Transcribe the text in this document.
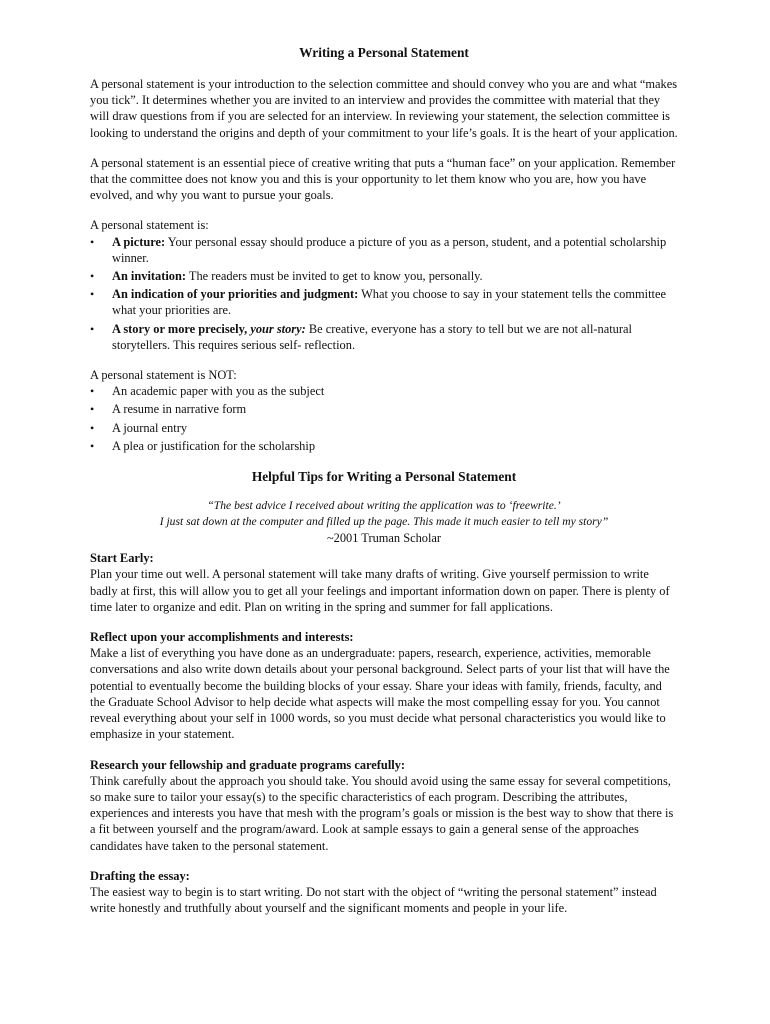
Writing a Personal Statement

A personal statement is your introduction to the selection committee and should convey who you are and what “makes you tick”. It determines whether you are invited to an interview and provides the committee with material that they will draw questions from if you are selected for an interview. In reviewing your statement, the selection committee is looking to understand the origins and depth of your commitment to your life’s goals. It is the heart of your application.

A personal statement is an essential piece of creative writing that puts a “human face” on your application. Remember that the committee does not know you and this is your opportunity to let them know who you are, how you have evolved, and why you want to pursue your goals.

A personal statement is:

•	A picture: Your personal essay should produce a picture of you as a person, student, and a potential scholarship winner.
•	An invitation: The readers must be invited to get to know you, personally.
•	An indication of your priorities and judgment: What you choose to say in your statement tells the committee what your priorities are.
•	A story or more precisely, your story: Be creative, everyone has a story to tell but we are not all-natural storytellers. This requires serious self- reflection.

A personal statement is NOT:

•	An academic paper with you as the subject
•	A resume in narrative form
•	A journal entry
•	A plea or justification for the scholarship
Helpful Tips for Writing a Personal Statement

“The best advice I received about writing the application was to ‘freewrite.’

I just sat down at the computer and filled up the page. This made it much easier to tell my story”

~2001 Truman Scholar

Start Early:

Plan your time out well. A personal statement will take many drafts of writing. Give yourself permission to write badly at first, this will allow you to get all your feelings and important information down on paper. There is plenty of time later to organize and edit. Plan on writing in the spring and summer for fall applications.

Reflect upon your accomplishments and interests:

Make a list of everything you have done as an undergraduate: papers, research, experience, activities, memorable conversations and also write down details about your personal background. Select parts of your list that will have the potential to eventually become the building blocks of your essay. Share your ideas with family, friends, faculty, and the Graduate School Advisor to help decide what aspects will make the most compelling essay for you. You cannot reveal everything about your self in 1000 words, so you must decide what personal characteristics you would like to emphasize in your statement.

Research your fellowship and graduate programs carefully:

Think carefully about the approach you should take. You should avoid using the same essay for several competitions, so make sure to tailor your essay(s) to the specific characteristics of each program. Describing the attributes, experiences and interests you have that mesh with the program’s goals or mission is the best way to show that there is a fit between yourself and the program/award. Look at sample essays to gain a general sense of the approaches candidates have taken to the personal statement.

Drafting the essay:

The easiest way to begin is to start writing. Do not start with the object of “writing the personal statement” instead write honestly and truthfully about yourself and the significant moments and people in your life.
